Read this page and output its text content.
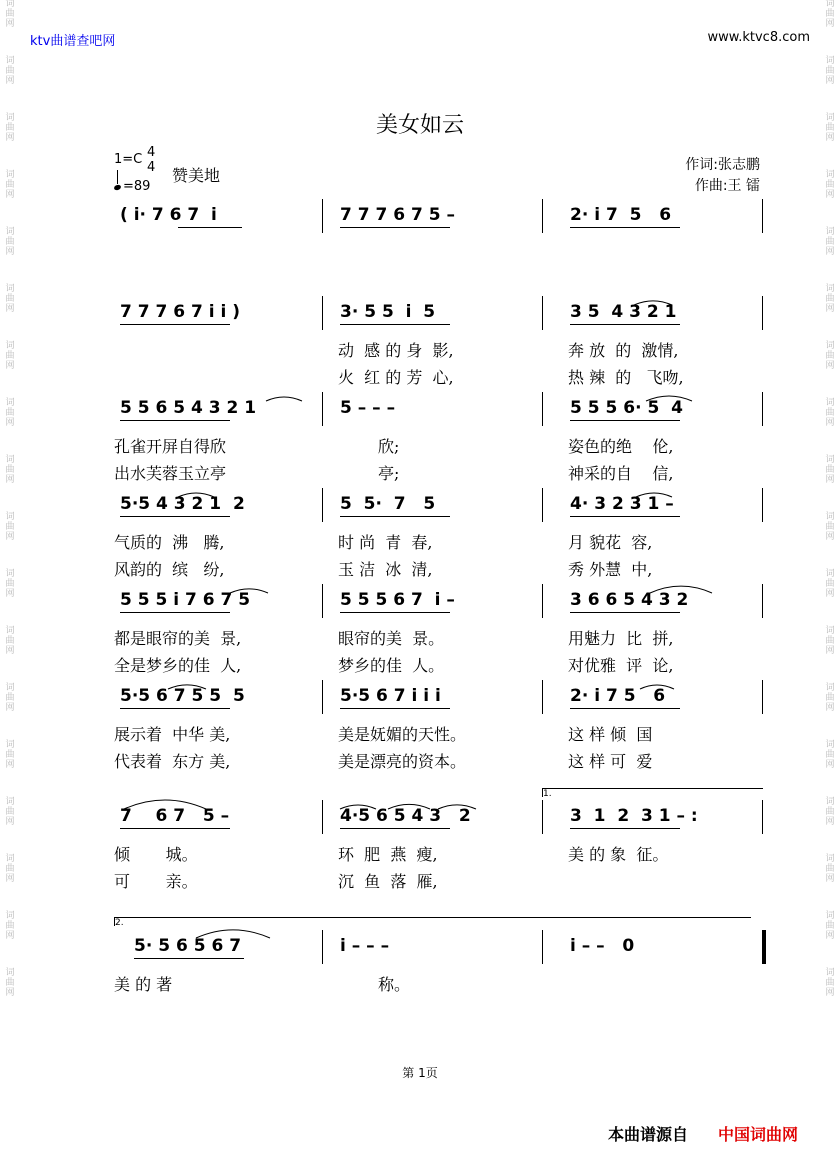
词
曲
网
词
曲
网
词
曲
网
词
曲
网
词
曲
网
词
曲
网
词
曲
网
词
曲
网
词
曲
网
词
曲
网
词
曲
网
词
曲
网
词
曲
网
词
曲
网
词
曲
网
词
曲
网
词
曲
网
词
曲
网
词
曲
网
词
曲
网
词
曲
网
词
曲
网
词
曲
网
词
曲
网
词
曲
网
词
曲
网
词
曲
网
词
曲
网
词
曲
网
词
曲
网
词
曲
网
词
曲
网
词
曲
网
词
曲
网
词
曲
网
词
曲
网
ktv曲谱查吧网	www.ktvc8.com
美女如云
1=C 4
4 赞美地
=89
作词:张志鹏
作曲:王 镭
( i· 7 6 7  i	7 7 7 6 7 5 –	2· i 7  5   6
7 7 7 6 7 i i )	3· 5 5  i  5	3 5  4 3 2 1
动  感 的 身  影,	奔 放  的  激情,
火  红 的 芳  心,	热 辣  的   飞吻,
5 5 6 5 4 3 2 1	5 – – –	5 5 5 6· 5  4
孔雀开屏自得欣	欣;	姿色的绝    伦,
出水芙蓉玉立亭	亭;	神采的自    信,
5·5 4 3 2 1  2	5  5·  7   5	4· 3 2 3 1 –
气质的  沸   腾,	时 尚  青  春,	月 貌花  容,
风韵的  缤   纷,	玉 洁  冰  清,	秀 外慧  中,
5 5 5 i 7 6 7 5	5 5 5 6 7  i –	3 6 6 5 4 3 2
都是眼帘的美  景,	眼帘的美  景。	用魅力  比  拼,
全是梦乡的佳  人,	梦乡的佳  人。	对优雅  评  论,
5·5 6 7 5 5  5	5·5 6 7 i i i	2· i 7 5   6
展示着  中华 美,	美是妩媚的天性。	这 样 倾  国
代表着  东方 美,	美是漂亮的资本。	这 样 可  爱
7    6 7   5 –	4·5 6 5 4 3   2	3  1  2  3 1 – :
倾       城。	环  肥  燕  瘦,	美 的 象  征。
可       亲。	沉  鱼  落  雁,
5· 5 6 5 6 7	i – – –	i – –   0
美 的 著	称。
1.
2.
第 1页
本曲谱源自 中国词曲网
